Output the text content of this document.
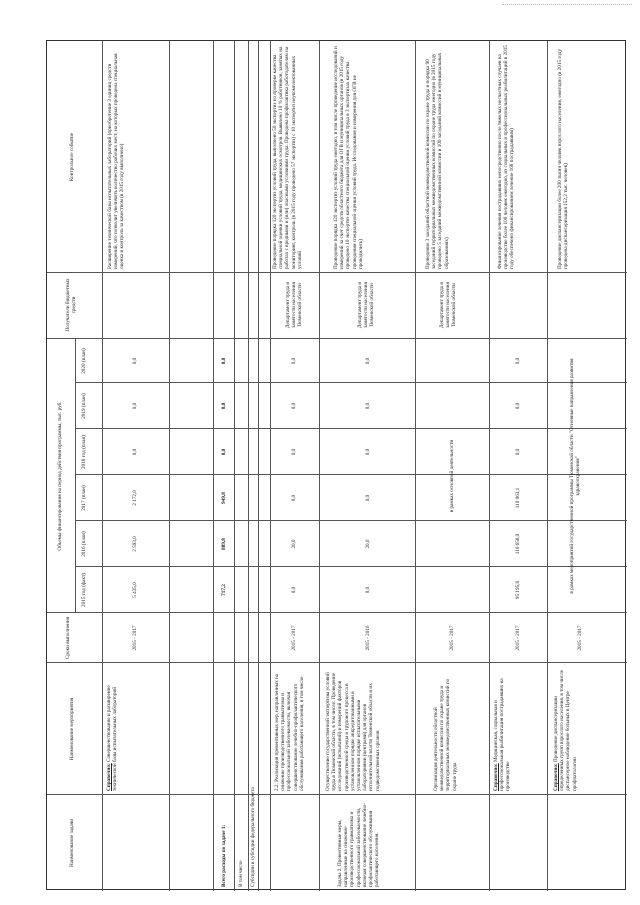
Наименование задачи
Наименование мероприятия
Сроки выполнения
Объемы финансирования на период действия программы, тыс. руб.
2015 год (факт)
2016 (план)
2017 (план)
2018 год (план)
2019 (план)
2020 (план)
Получатели бюджетных средств
Контрольное событие
Справочно: Совершенствование и расширение технической базы испытательных лабораторий
2015 - 2017
5 435,0
2 593,0
2 172,0
0,0
0,0
0,0
Расширение технической базы испытательных лабораторий (приобретение 3 единиц средств измерений, что позволит увеличить количество рабочих мест, на которых проведена специальная оценка и контроль за качеством (в 2015 году выполнено)
Всего расходы по задаче 1:
717,2
889,8
949,8
0,0
0,0
0,0
В том числе Субсидии в субсидии федерального бюджета
2.2. Реализация превентивных мер, направленных на снижение производственного травматизма и профессиональной заболеваемости, включая совершенствование лечебно-профилактического обслуживания работающего населения, в том числе
2015 - 2017
0,0
20,0
0,0
0,0
0,0
0,0
Департамент труда и занятости населения Тюменской области
Проведение порядка 120 экспертиз условий труда, выполнено 50 экспертиз по проверке качества специальной оценки условий труда, медицинских осмотров. Выявлено 10 % работников, занятых на работах с вредными и (или) опасными условиями труда. Проведена профилактика работодателям на мониторинг, контроль (в 2015 году проведено 57 экспертиз) с 10 экспертиз неукомплектованных условий
Задача 2. Превентивные меры, направленные на снижение производственного травматизма и профессиональной заболеваемости, включая совершенствование лечебно-профилактического обслуживания работающего населения.
Осуществление государственной экспертизы условий труда в Тюменской области, в том числе: Проведение исследований (испытаний) и измерений факторов производственной среды и трудового процесса в установленном порядке аккредитованными в установленном порядке испытательными лабораториями (центрами) для органов исполнительной власти Тюменской области и их подведомственных органов
2015 - 2016
0,0
20,0
0,0
0,0
0,0
0,0
Департамент труда и занятости населения Тюменской области
Проведение порядка 120 экспертиз условий труда ежегодно, в том числе проведение исследований и измерений за счет средств областного бюджета для ОГВ и муниципальных органов (в 2015 году проведено 10 экспертиз качества специальной оценки условий труда в 3 экспертизах качества проведения специальной оценки условий труда. Исследования и измерения для ОГВ не проводились)
Организация деятельности областной межведомственной комиссии по охране труда и территориальных межведомственных комиссий по охране труда
2015 - 2017
в рамках основной деятельности
Департамент труда и занятости населения Тюменской области
Проведение 3 заседаний областной межведомственной комиссии по охране труда и порядка 90 заседаний территориальных межведомственных комиссий по охране труда ежегодно (в 2015 году проведено 5 заседаний межведомственной комиссии и 100 заседаний комиссий в муниципальных образованиях)
Справочно: Медицинская, социальная и профессиональная реабилитация пострадавших на производстве
2015 - 2017
95 195,8
110 658,0
110 063,1
0,0
0,0
0,0
Финансирование лечения пострадавших непосредственно после тяжелых несчастных случаев на производстве более 100 человек ежегодно, из социальных и профессиональных реабилитаций в 2015 году обеспечено финансированием лечение 168 пострадавшим)
Справочно: Проведение диспансеризации определенных групп взрослого населения, в том числе диспансерное наблюдение больных в Центре профпатологии
2015 - 2017
в рамках мероприятий государственной программы Тюменской области "Основные направления развития здравоохранения"
Проведение диспансеризации более 200 тысяч человек взрослого населения, ежегодно (в 2015 году проведена диспансеризация 152,2 тыс. человек)
